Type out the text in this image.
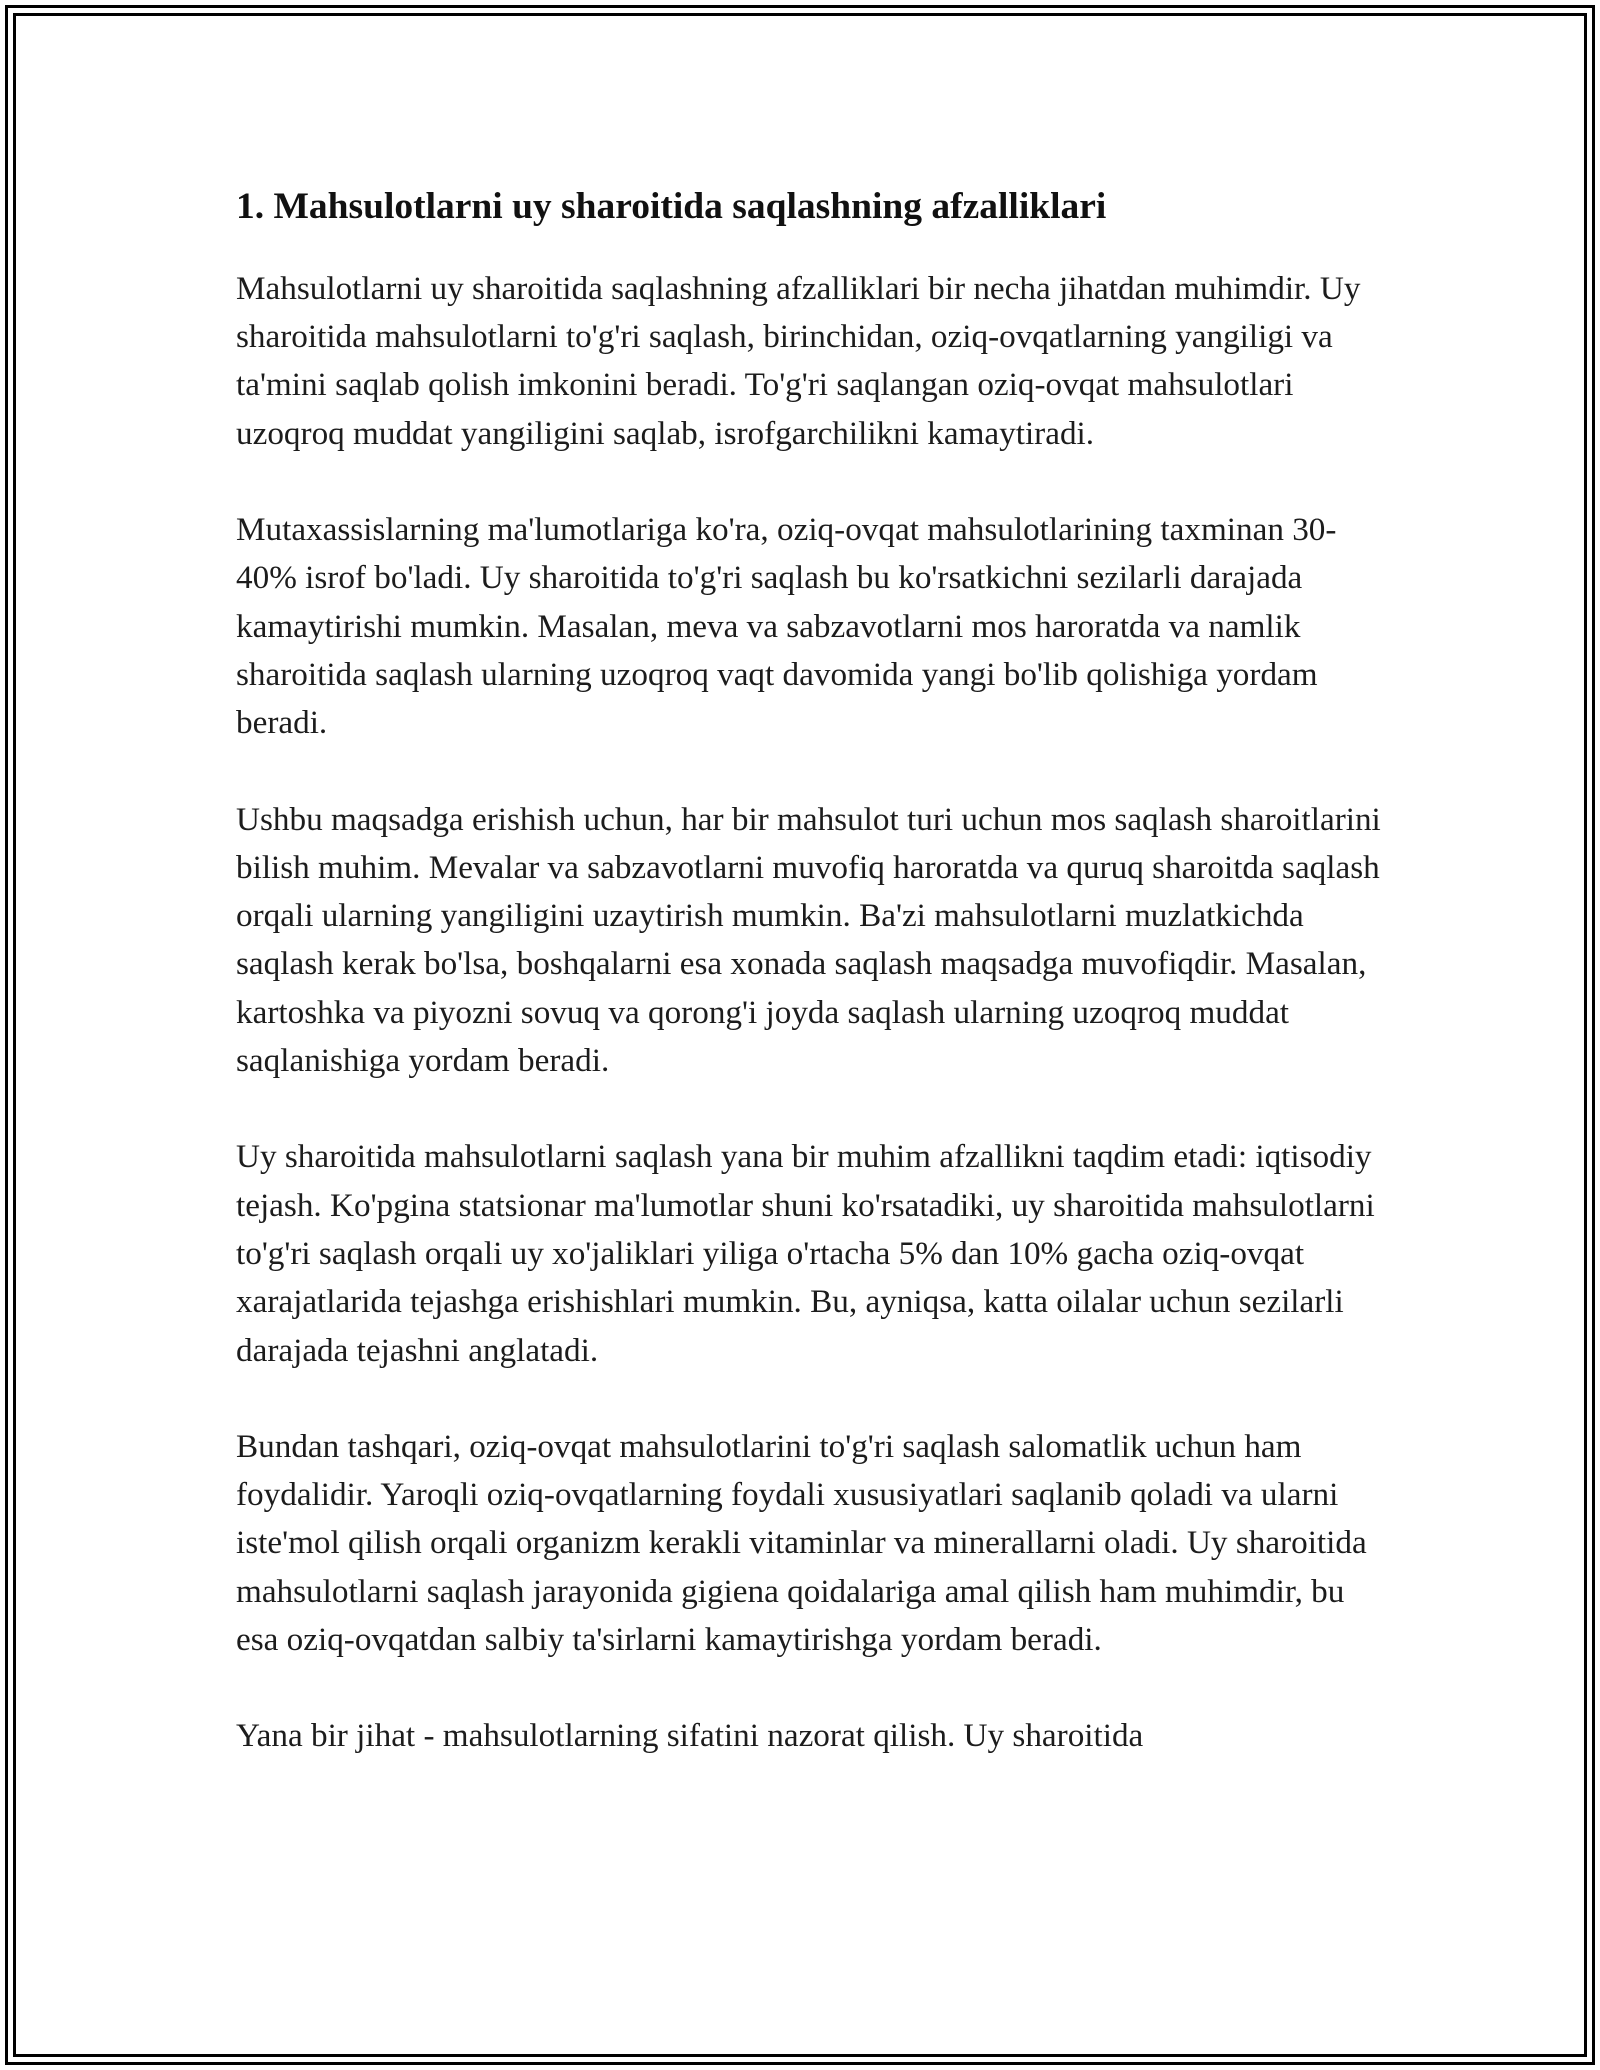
1. Mahsulotlarni uy sharoitida saqlashning afzalliklari

Mahsulotlarni uy sharoitida saqlashning afzalliklari bir necha jihatdan muhimdir. Uy sharoitida mahsulotlarni to'g'ri saqlash, birinchidan, oziq-ovqatlarning yangiligi va ta'mini saqlab qolish imkonini beradi. To'g'ri saqlangan oziq-ovqat mahsulotlari uzoqroq muddat yangiligini saqlab, isrofgarchilikni kamaytiradi.

Mutaxassislarning ma'lumotlariga ko'ra, oziq-ovqat mahsulotlarining taxminan 30-40% isrof bo'ladi. Uy sharoitida to'g'ri saqlash bu ko'rsatkichni sezilarli darajada kamaytirishi mumkin. Masalan, meva va sabzavotlarni mos haroratda va namlik sharoitida saqlash ularning uzoqroq vaqt davomida yangi bo'lib qolishiga yordam beradi.

Ushbu maqsadga erishish uchun, har bir mahsulot turi uchun mos saqlash sharoitlarini bilish muhim. Mevalar va sabzavotlarni muvofiq haroratda va quruq sharoitda saqlash orqali ularning yangiligini uzaytirish mumkin. Ba'zi mahsulotlarni muzlatkichda saqlash kerak bo'lsa, boshqalarni esa xonada saqlash maqsadga muvofiqdir. Masalan, kartoshka va piyozni sovuq va qorong'i joyda saqlash ularning uzoqroq muddat saqlanishiga yordam beradi.

Uy sharoitida mahsulotlarni saqlash yana bir muhim afzallikni taqdim etadi: iqtisodiy tejash. Ko'pgina statsionar ma'lumotlar shuni ko'rsatadiki, uy sharoitida mahsulotlarni to'g'ri saqlash orqali uy xo'jaliklari yiliga o'rtacha 5% dan 10% gacha oziq-ovqat xarajatlarida tejashga erishishlari mumkin. Bu, ayniqsa, katta oilalar uchun sezilarli darajada tejashni anglatadi.

Bundan tashqari, oziq-ovqat mahsulotlarini to'g'ri saqlash salomatlik uchun ham foydalidir. Yaroqli oziq-ovqatlarning foydali xususiyatlari saqlanib qoladi va ularni iste'mol qilish orqali organizm kerakli vitaminlar va minerallarni oladi. Uy sharoitida mahsulotlarni saqlash jarayonida gigiena qoidalariga amal qilish ham muhimdir, bu esa oziq-ovqatdan salbiy ta'sirlarni kamaytirishga yordam beradi.

Yana bir jihat - mahsulotlarning sifatini nazorat qilish. Uy sharoitida
